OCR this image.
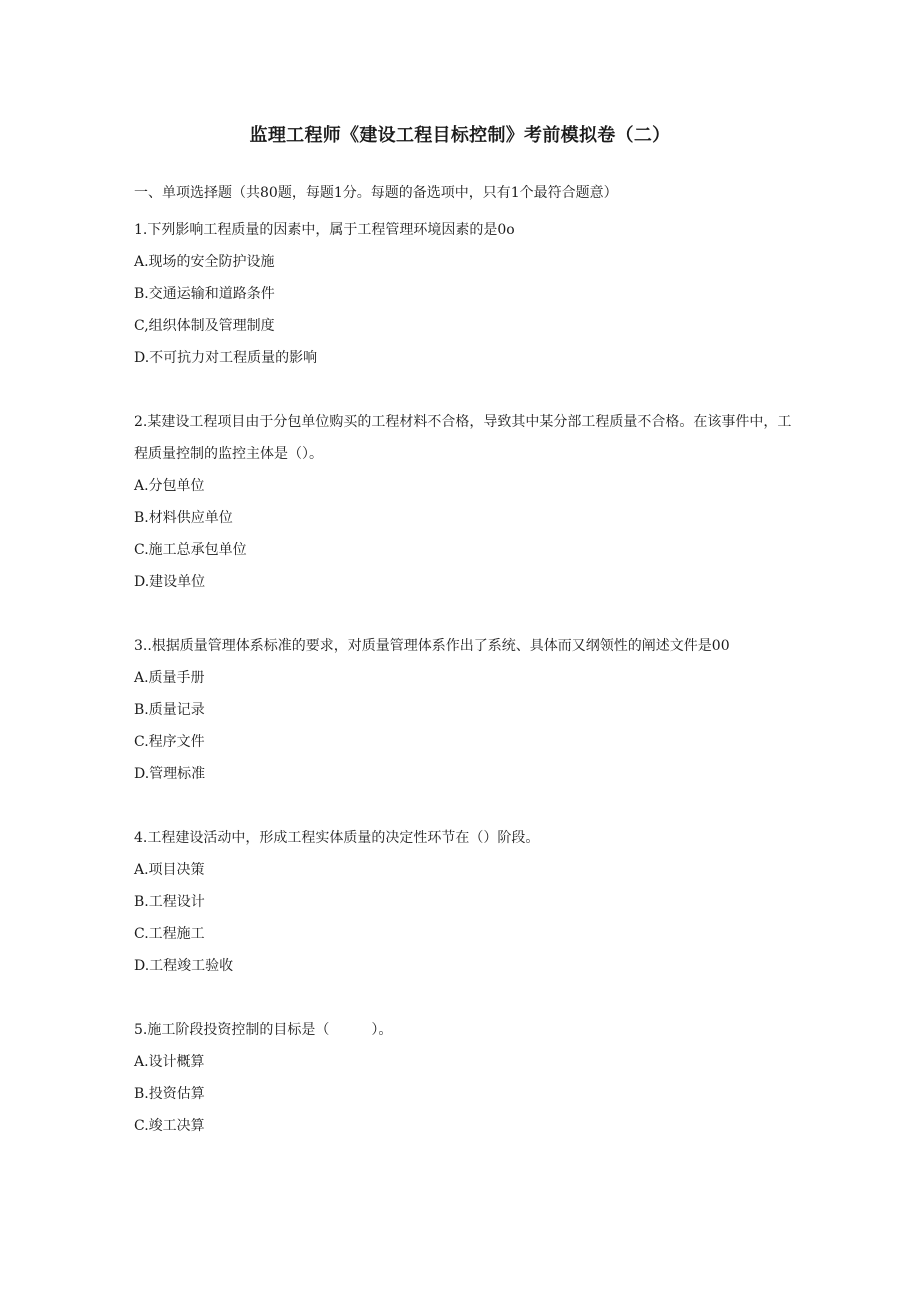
监理工程师《建设工程目标控制》考前模拟卷（二）
一、单项选择题（共80题，每题1分。每题的备选项中，只有1个最符合题意）
1.下列影响工程质量的因素中，属于工程管理环境因素的是0o
A.现场的安全防护设施
B.交通运输和道路条件
C,组织体制及管理制度
D.不可抗力对工程质量的影响
2.某建设工程项目由于分包单位购买的工程材料不合格，导致其中某分部工程质量不合格。在该事件中，工程质量控制的监控主体是（）。
A.分包单位
B.材料供应单位
C.施工总承包单位
D.建设单位
3..根据质量管理体系标准的要求，对质量管理体系作出了系统、具体而又纲领性的阐述文件是00
A.质量手册
B.质量记录
C.程序文件
D.管理标准
4.工程建设活动中，形成工程实体质量的决定性环节在（）阶段。
A.项目决策
B.工程设计
C.工程施工
D.工程竣工验收
5.施工阶段投资控制的目标是（　　　）。
A.设计概算
B.投资估算
C.竣工决算
